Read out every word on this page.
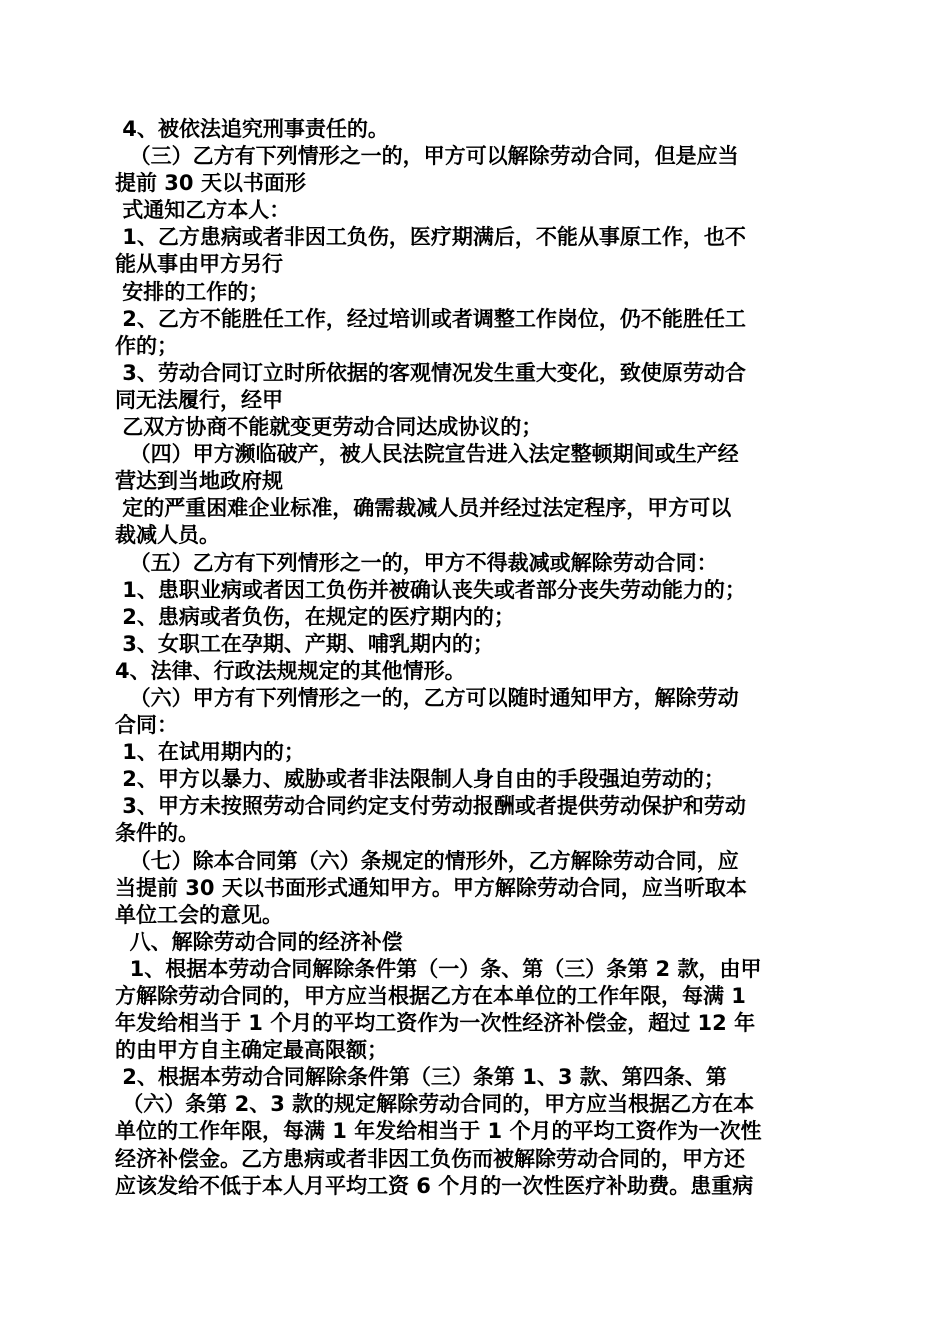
4、被依法追究刑事责任的。
（三）乙方有下列情形之一的，甲方可以解除劳动合同，但是应当
提前 30 天以书面形
式通知乙方本人：
1、乙方患病或者非因工负伤，医疗期满后，不能从事原工作，也不
能从事由甲方另行
安排的工作的；
2、乙方不能胜任工作，经过培训或者调整工作岗位，仍不能胜任工
作的；
3、劳动合同订立时所依据的客观情况发生重大变化，致使原劳动合
同无法履行，经甲
乙双方协商不能就变更劳动合同达成协议的；
（四）甲方濒临破产，被人民法院宣告进入法定整顿期间或生产经
营达到当地政府规
定的严重困难企业标准，确需裁减人员并经过法定程序，甲方可以
裁减人员。
（五）乙方有下列情形之一的，甲方不得裁减或解除劳动合同：
1、患职业病或者因工负伤并被确认丧失或者部分丧失劳动能力的；
2、患病或者负伤，在规定的医疗期内的；
3、女职工在孕期、产期、哺乳期内的；
4、法律、行政法规规定的其他情形。
（六）甲方有下列情形之一的，乙方可以随时通知甲方，解除劳动
合同：
1、在试用期内的；
2、甲方以暴力、威胁或者非法限制人身自由的手段强迫劳动的；
3、甲方未按照劳动合同约定支付劳动报酬或者提供劳动保护和劳动
条件的。
（七）除本合同第（六）条规定的情形外，乙方解除劳动合同，应
当提前 30 天以书面形式通知甲方。甲方解除劳动合同，应当听取本
单位工会的意见。
八、解除劳动合同的经济补偿
1、根据本劳动合同解除条件第（一）条、第（三）条第 2 款，由甲
方解除劳动合同的，甲方应当根据乙方在本单位的工作年限，每满 1
年发给相当于 1 个月的平均工资作为一次性经济补偿金，超过 12 年
的由甲方自主确定最高限额；
2、根据本劳动合同解除条件第（三）条第 1、3 款、第四条、第
（六）条第 2、3 款的规定解除劳动合同的，甲方应当根据乙方在本
单位的工作年限，每满 1 年发给相当于 1 个月的平均工资作为一次性
经济补偿金。乙方患病或者非因工负伤而被解除劳动合同的，甲方还
应该发给不低于本人月平均工资 6 个月的一次性医疗补助费。患重病
